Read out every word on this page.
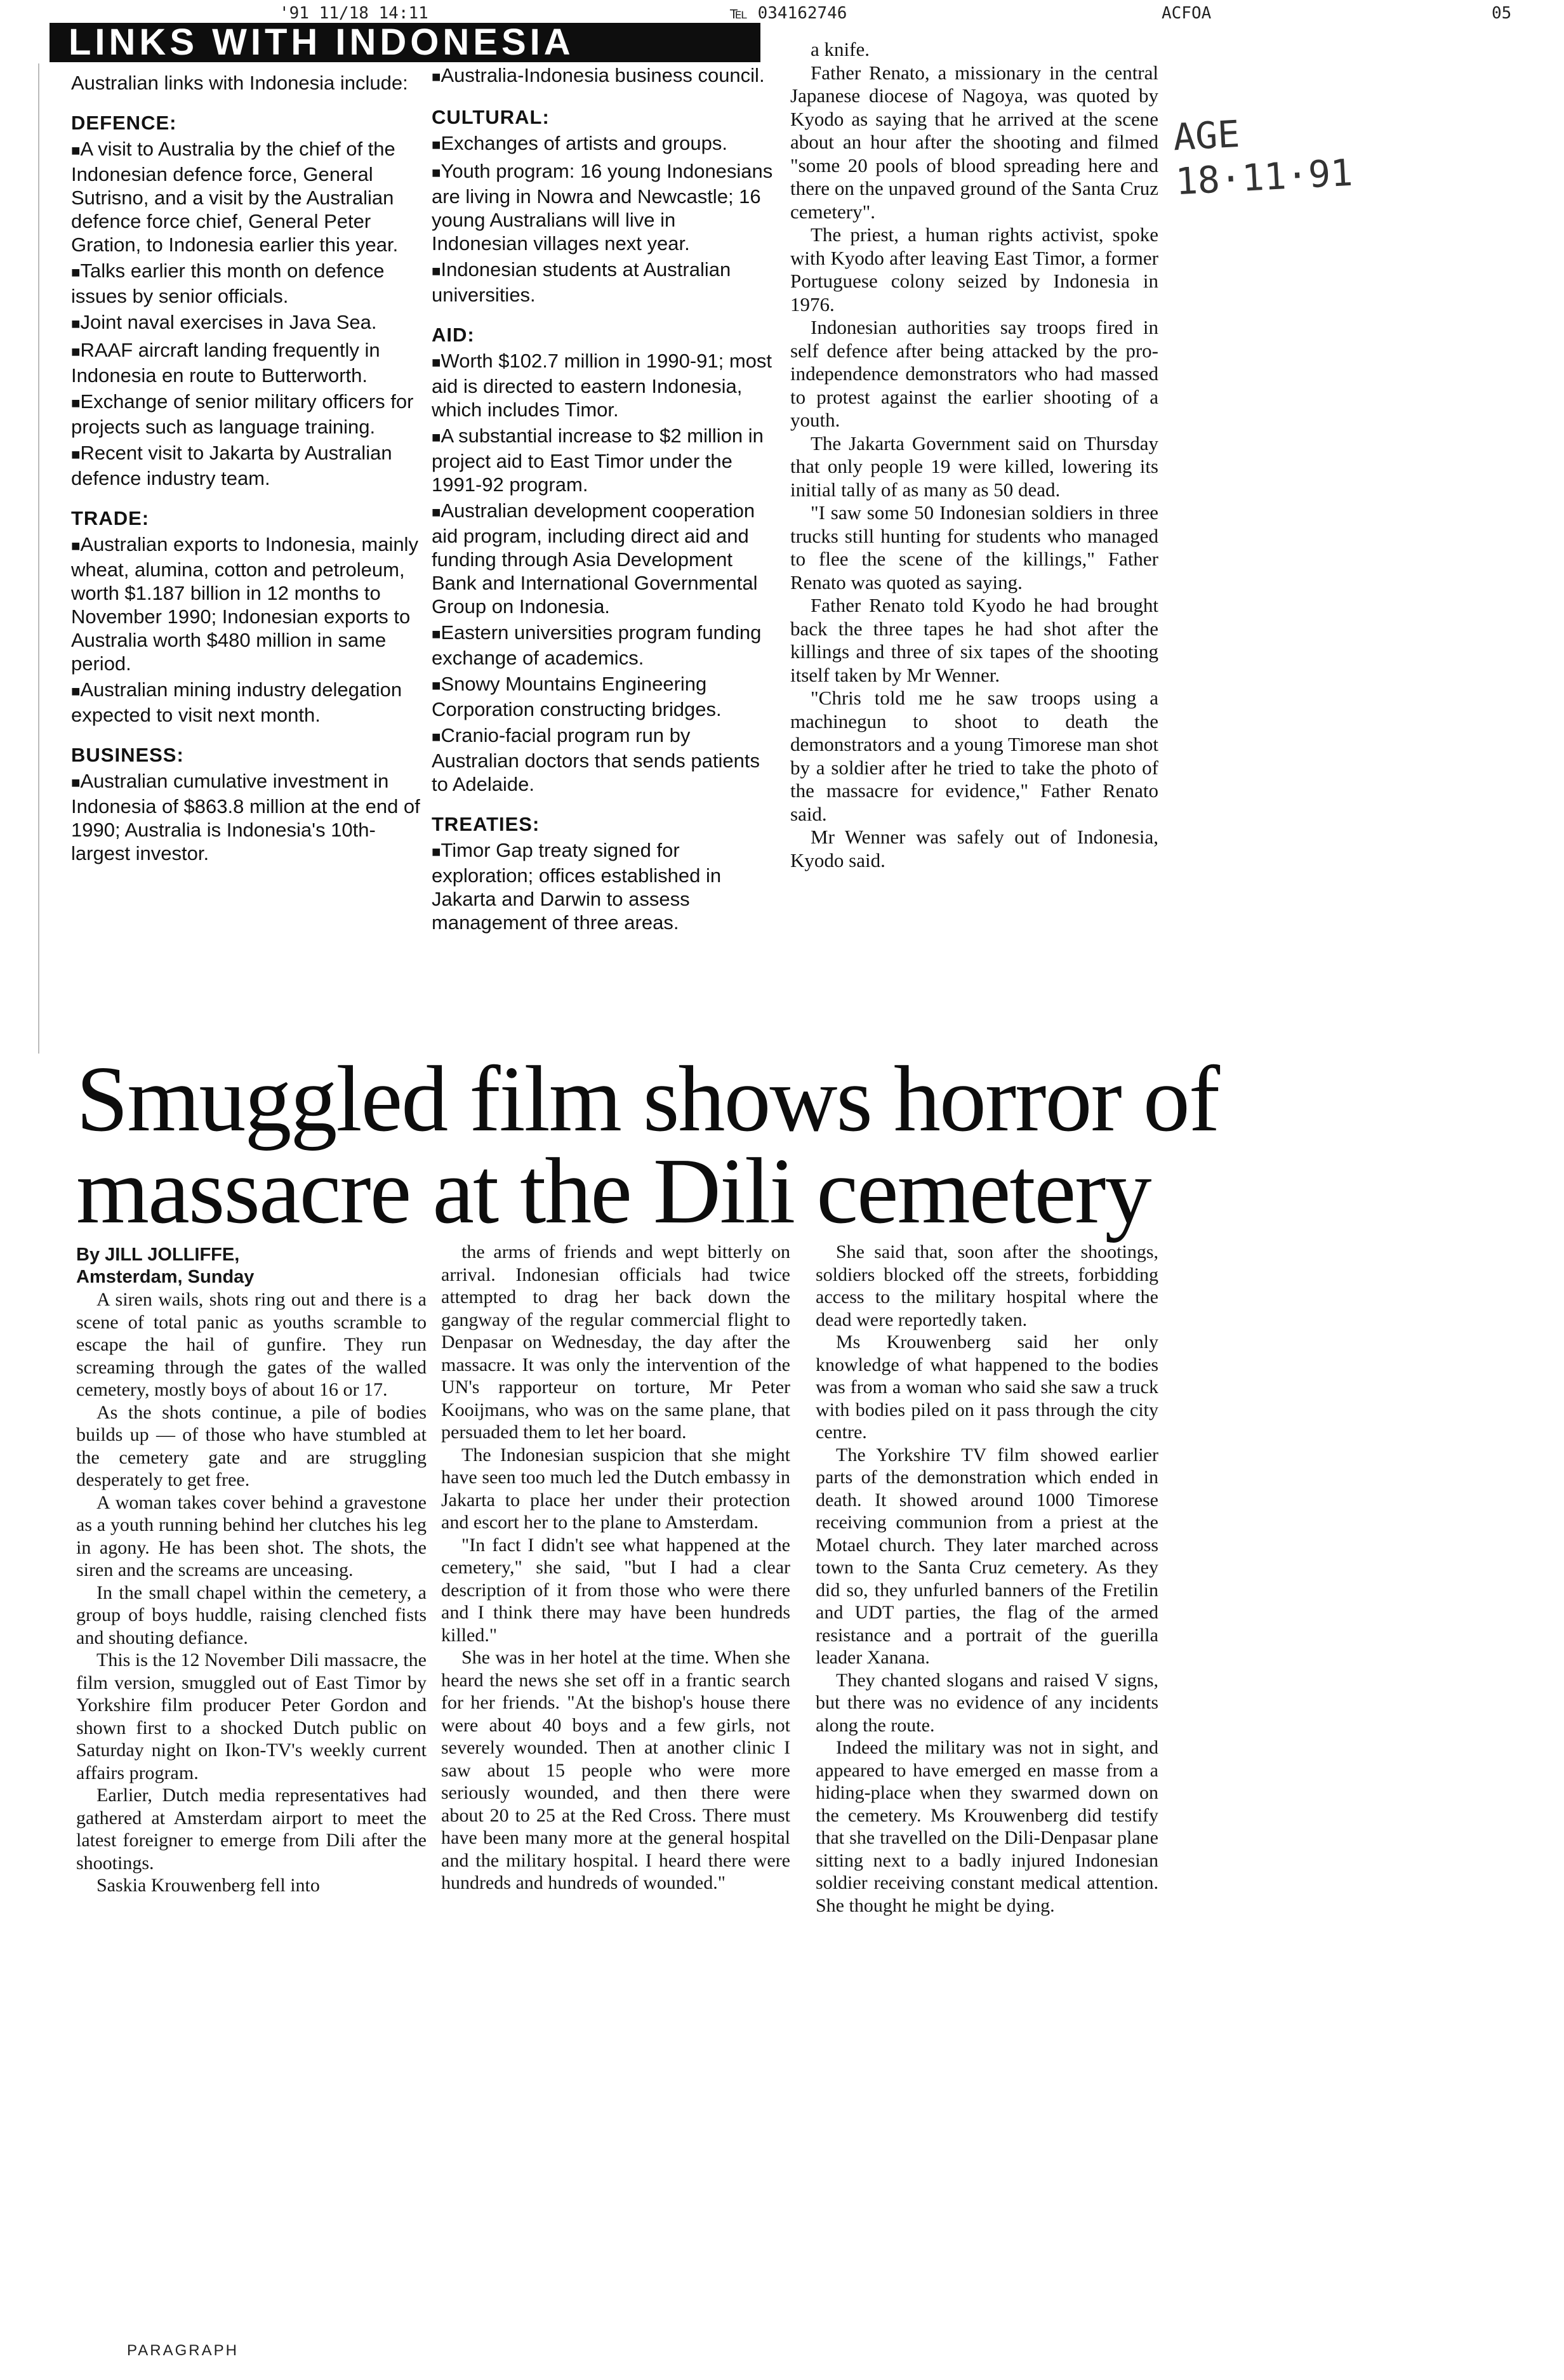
'91 11/18 14:11	℡ 034162746	ACFOA	05
AGE
18·11·91
LINKS WITH INDONESIA

Australian links with Indonesia include:

DEFENCE:

■ A visit to Australia by the chief of the Indonesian defence force, General Sutrisno, and a visit by the Australian defence force chief, General Peter Gration, to Indonesia earlier this year.

■ Talks earlier this month on defence issues by senior officials.

■ Joint naval exercises in Java Sea.

■ RAAF aircraft landing frequently in Indonesia en route to Butterworth.

■ Exchange of senior military officers for projects such as language training.

■ Recent visit to Jakarta by Australian defence industry team.

TRADE:

■ Australian exports to Indonesia, mainly wheat, alumina, cotton and petroleum, worth $1.187 billion in 12 months to November 1990; Indonesian exports to Australia worth $480 million in same period.

■ Australian mining industry delegation expected to visit next month.

BUSINESS:

■ Australian cumulative investment in Indonesia of $863.8 million at the end of 1990; Australia is Indonesia's 10th-largest investor.

■ Australia-Indonesia business council.

CULTURAL:

■ Exchanges of artists and groups.

■ Youth program: 16 young Indonesians are living in Nowra and Newcastle; 16 young Australians will live in Indonesian villages next year.

■ Indonesian students at Australian universities.

AID:

■ Worth $102.7 million in 1990-91; most aid is directed to eastern Indonesia, which includes Timor.

■ A substantial increase to $2 million in project aid to East Timor under the 1991-92 program.

■ Australian development cooperation aid program, including direct aid and funding through Asia Development Bank and International Governmental Group on Indonesia.

■ Eastern universities program funding exchange of academics.

■ Snowy Mountains Engineering Corporation constructing bridges.

■ Cranio-facial program run by Australian doctors that sends patients to Adelaide.

TREATIES:

■ Timor Gap treaty signed for exploration; offices established in Jakarta and Darwin to assess management of three areas.

a knife.

Father Renato, a missionary in the central Japanese diocese of Nagoya, was quoted by Kyodo as saying that he arrived at the scene about an hour after the shooting and filmed "some 20 pools of blood spreading here and there on the unpaved ground of the Santa Cruz cemetery".

The priest, a human rights activist, spoke with Kyodo after leaving East Timor, a former Portuguese colony seized by Indonesia in 1976.

Indonesian authorities say troops fired in self defence after being attacked by the pro-independence demonstrators who had massed to protest against the earlier shooting of a youth.

The Jakarta Government said on Thursday that only people 19 were killed, lowering its initial tally of as many as 50 dead.

"I saw some 50 Indonesian soldiers in three trucks still hunting for students who managed to flee the scene of the killings," Father Renato was quoted as saying.

Father Renato told Kyodo he had brought back the three tapes he had shot after the killings and three of six tapes of the shooting itself taken by Mr Wenner.

"Chris told me he saw troops using a machinegun to shoot to death the demonstrators and a young Timorese man shot by a soldier after he tried to take the photo of the massacre for evidence," Father Renato said.

Mr Wenner was safely out of Indonesia, Kyodo said.

Smuggled film shows horror of
massacre at the Dili cemetery

By JILL JOLLIFFE,

Amsterdam, Sunday

A siren wails, shots ring out and there is a scene of total panic as youths scramble to escape the hail of gunfire. They run screaming through the gates of the walled cemetery, mostly boys of about 16 or 17.

As the shots continue, a pile of bodies builds up — of those who have stumbled at the cemetery gate and are struggling desperately to get free.

A woman takes cover behind a gravestone as a youth running behind her clutches his leg in agony. He has been shot. The shots, the siren and the screams are unceasing.

In the small chapel within the cemetery, a group of boys huddle, raising clenched fists and shouting defiance.

This is the 12 November Dili massacre, the film version, smuggled out of East Timor by Yorkshire film producer Peter Gordon and shown first to a shocked Dutch public on Saturday night on Ikon-TV's weekly current affairs program.

Earlier, Dutch media representatives had gathered at Amsterdam airport to meet the latest foreigner to emerge from Dili after the shootings.

Saskia Krouwenberg fell into

the arms of friends and wept bitterly on arrival. Indonesian officials had twice attempted to drag her back down the gangway of the regular commercial flight to Denpasar on Wednesday, the day after the massacre. It was only the intervention of the UN's rapporteur on torture, Mr Peter Kooijmans, who was on the same plane, that persuaded them to let her board.

The Indonesian suspicion that she might have seen too much led the Dutch embassy in Jakarta to place her under their protection and escort her to the plane to Amsterdam.

"In fact I didn't see what happened at the cemetery," she said, "but I had a clear description of it from those who were there and I think there may have been hundreds killed."

She was in her hotel at the time. When she heard the news she set off in a frantic search for her friends. "At the bishop's house there were about 40 boys and a few girls, not severely wounded. Then at another clinic I saw about 15 people who were more seriously wounded, and then there were about 20 to 25 at the Red Cross. There must have been many more at the general hospital and the military hospital. I heard there were hundreds and hundreds of wounded."

She said that, soon after the shootings, soldiers blocked off the streets, forbidding access to the military hospital where the dead were reportedly taken.

Ms Krouwenberg said her only knowledge of what happened to the bodies was from a woman who said she saw a truck with bodies piled on it pass through the city centre.

The Yorkshire TV film showed earlier parts of the demonstration which ended in death. It showed around 1000 Timorese receiving communion from a priest at the Motael church. They later marched across town to the Santa Cruz cemetery. As they did so, they unfurled banners of the Fretilin and UDT parties, the flag of the armed resistance and a portrait of the guerilla leader Xanana.

They chanted slogans and raised V signs, but there was no evidence of any incidents along the route.

Indeed the military was not in sight, and appeared to have emerged en masse from a hiding-place when they swarmed down on the cemetery. Ms Krouwenberg did testify that she travelled on the Dili-Denpasar plane sitting next to a badly injured Indonesian soldier receiving constant medical attention. She thought he might be dying.

PARAGRAPH
